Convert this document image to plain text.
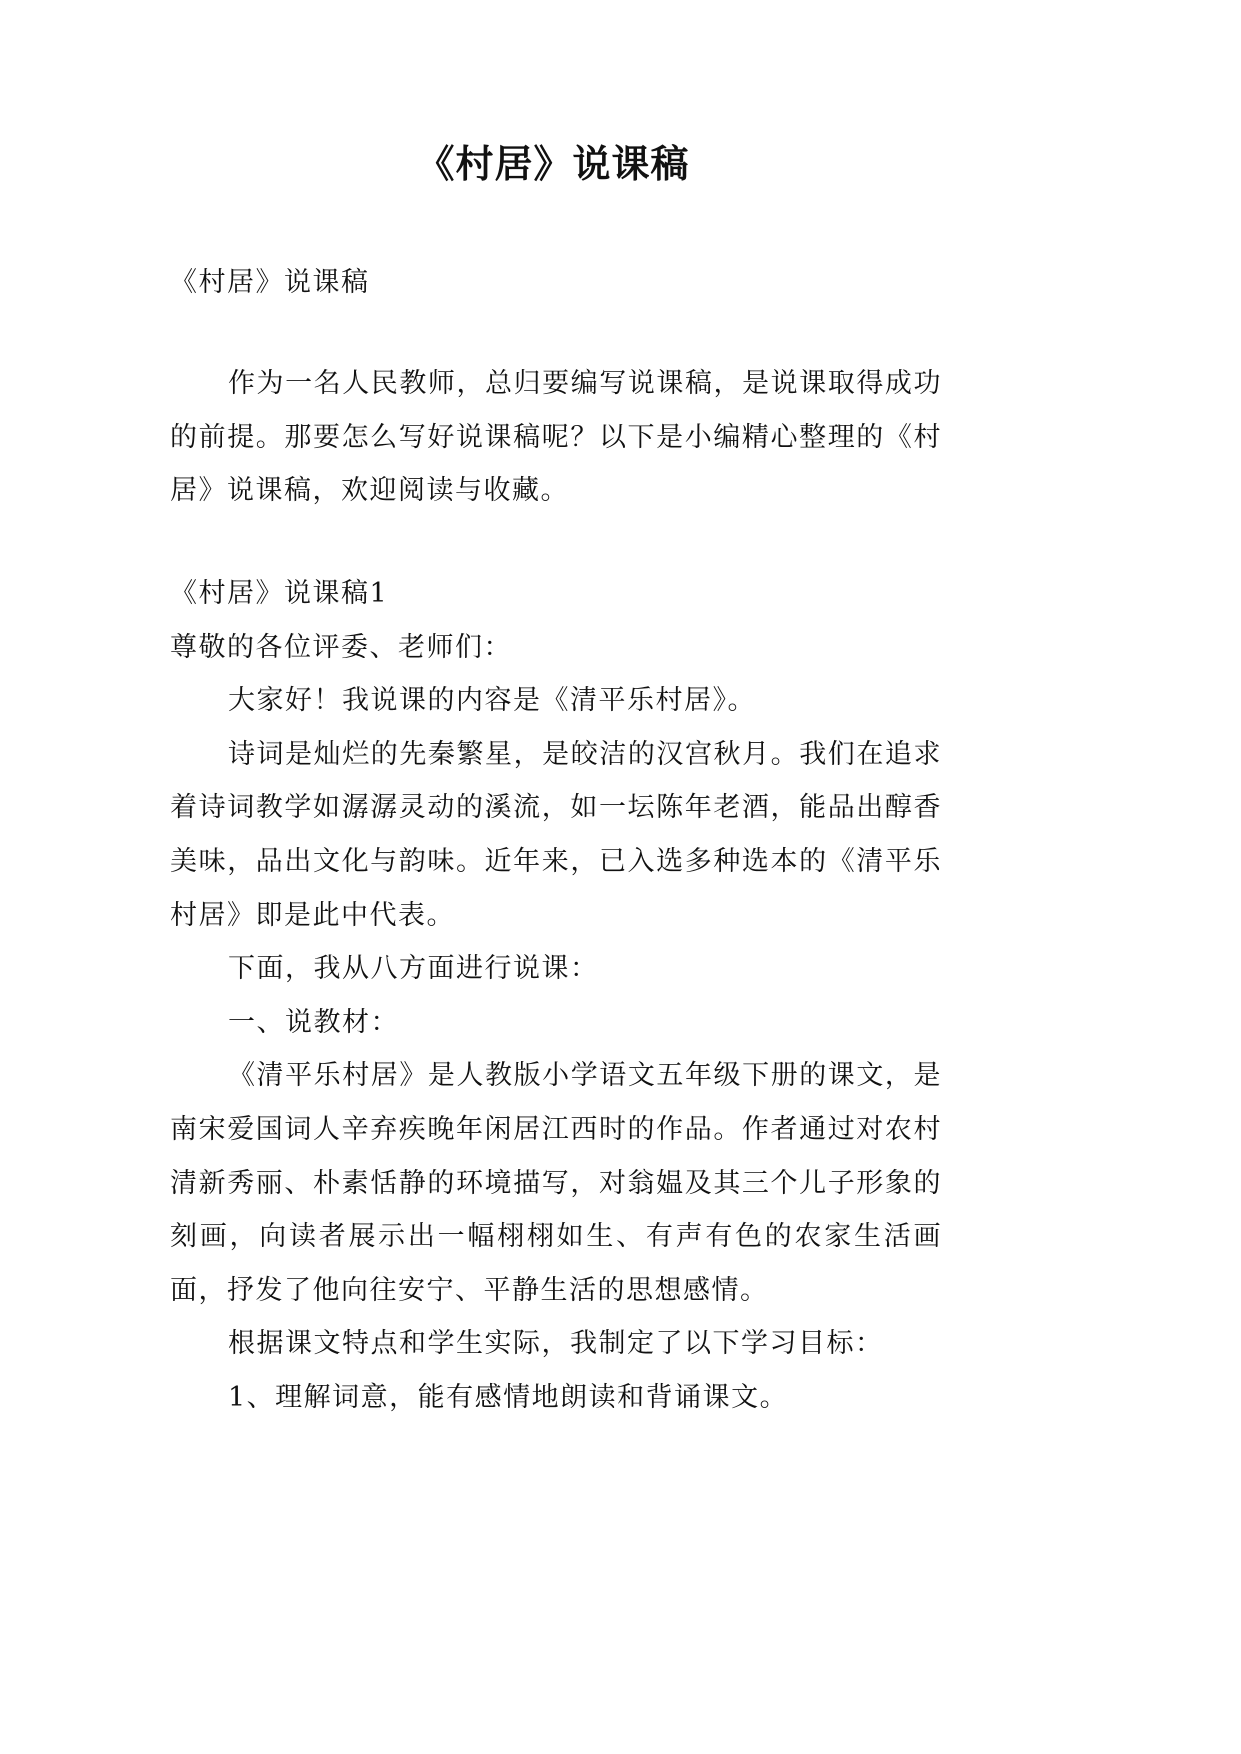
《村居》说课稿

《村居》说课稿

作为一名人民教师，总归要编写说课稿，是说课取得成功的前提。那要怎么写好说课稿呢？以下是小编精心整理的《村居》说课稿，欢迎阅读与收藏。

《村居》说课稿1

尊敬的各位评委、老师们：

大家好！我说课的内容是《清平乐村居》。

诗词是灿烂的先秦繁星，是皎洁的汉宫秋月。我们在追求着诗词教学如潺潺灵动的溪流，如一坛陈年老酒，能品出醇香美味，品出文化与韵味。近年来，已入选多种选本的《清平乐村居》即是此中代表。

下面，我从八方面进行说课：

一、说教材：

《清平乐村居》是人教版小学语文五年级下册的课文，是南宋爱国词人辛弃疾晚年闲居江西时的作品。作者通过对农村清新秀丽、朴素恬静的环境描写，对翁媪及其三个儿子形象的刻画，向读者展示出一幅栩栩如生、有声有色的农家生活画面，抒发了他向往安宁、平静生活的思想感情。

根据课文特点和学生实际，我制定了以下学习目标：

1、理解词意，能有感情地朗读和背诵课文。
